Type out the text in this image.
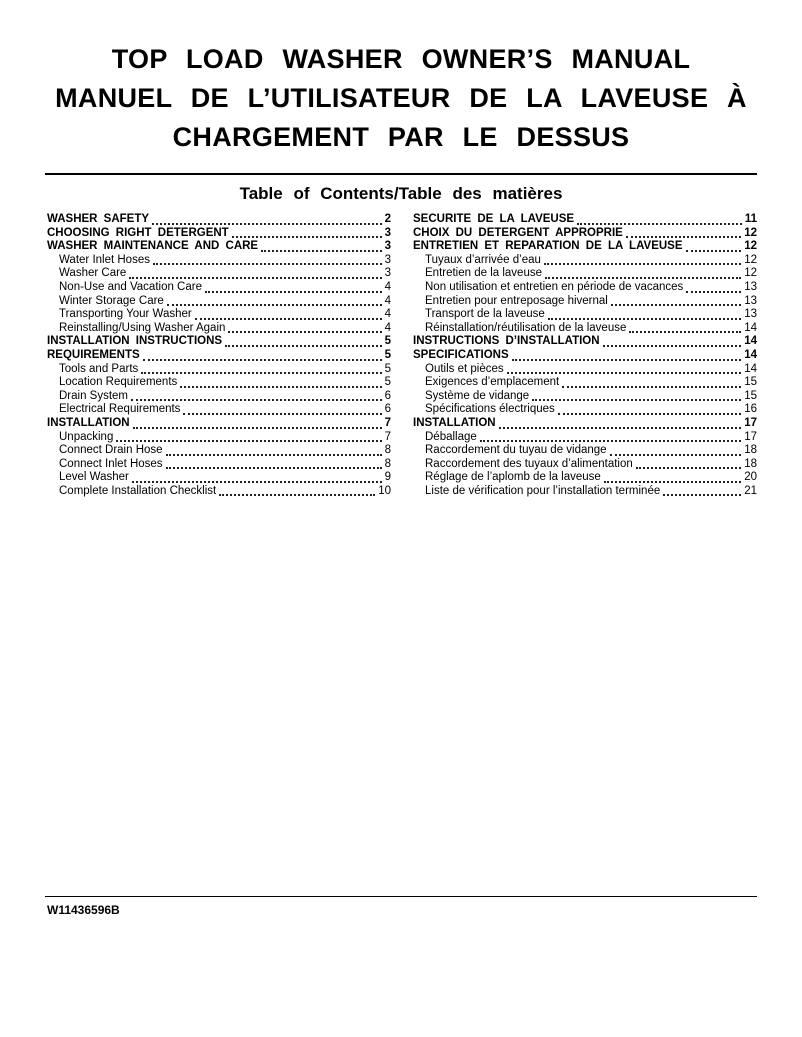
TOP LOAD WASHER OWNER’S MANUAL
MANUEL DE L’UTILISATEUR DE LA LAVEUSE À
CHARGEMENT PAR LE DESSUS
Table of Contents/Table des matières
WASHER SAFETY	2
CHOOSING RIGHT DETERGENT	3
WASHER MAINTENANCE AND CARE	3
Water Inlet Hoses	3
Washer Care	3
Non-Use and Vacation Care	4
Winter Storage Care	4
Transporting Your Washer	4
Reinstalling/Using Washer Again	4
INSTALLATION INSTRUCTIONS	5
REQUIREMENTS	5
Tools and Parts	5
Location Requirements	5
Drain System	6
Electrical Requirements	6
INSTALLATION	7
Unpacking	7
Connect Drain Hose	8
Connect Inlet Hoses	8
Level Washer	9
Complete Installation Checklist	10
SÉCURITÉ DE LA LAVEUSE	11
CHOIX DU DÉTERGENT APPROPRIÉ	12
ENTRETIEN ET RÉPARATION DE LA LAVEUSE	12
Tuyaux d’arrivée d’eau	12
Entretien de la laveuse	12
Non utilisation et entretien en période de vacances	13
Entretien pour entreposage hivernal	13
Transport de la laveuse	13
Réinstallation/réutilisation de la laveuse	14
INSTRUCTIONS D’INSTALLATION	14
SPÉCIFICATIONS	14
Outils et pièces	14
Exigences d’emplacement	15
Système de vidange	15
Spécifications électriques	16
INSTALLATION	17
Déballage	17
Raccordement du tuyau de vidange	18
Raccordement des tuyaux d’alimentation	18
Réglage de l’aplomb de la laveuse	20
Liste de vérification pour l’installation terminée	21
W11436596B
